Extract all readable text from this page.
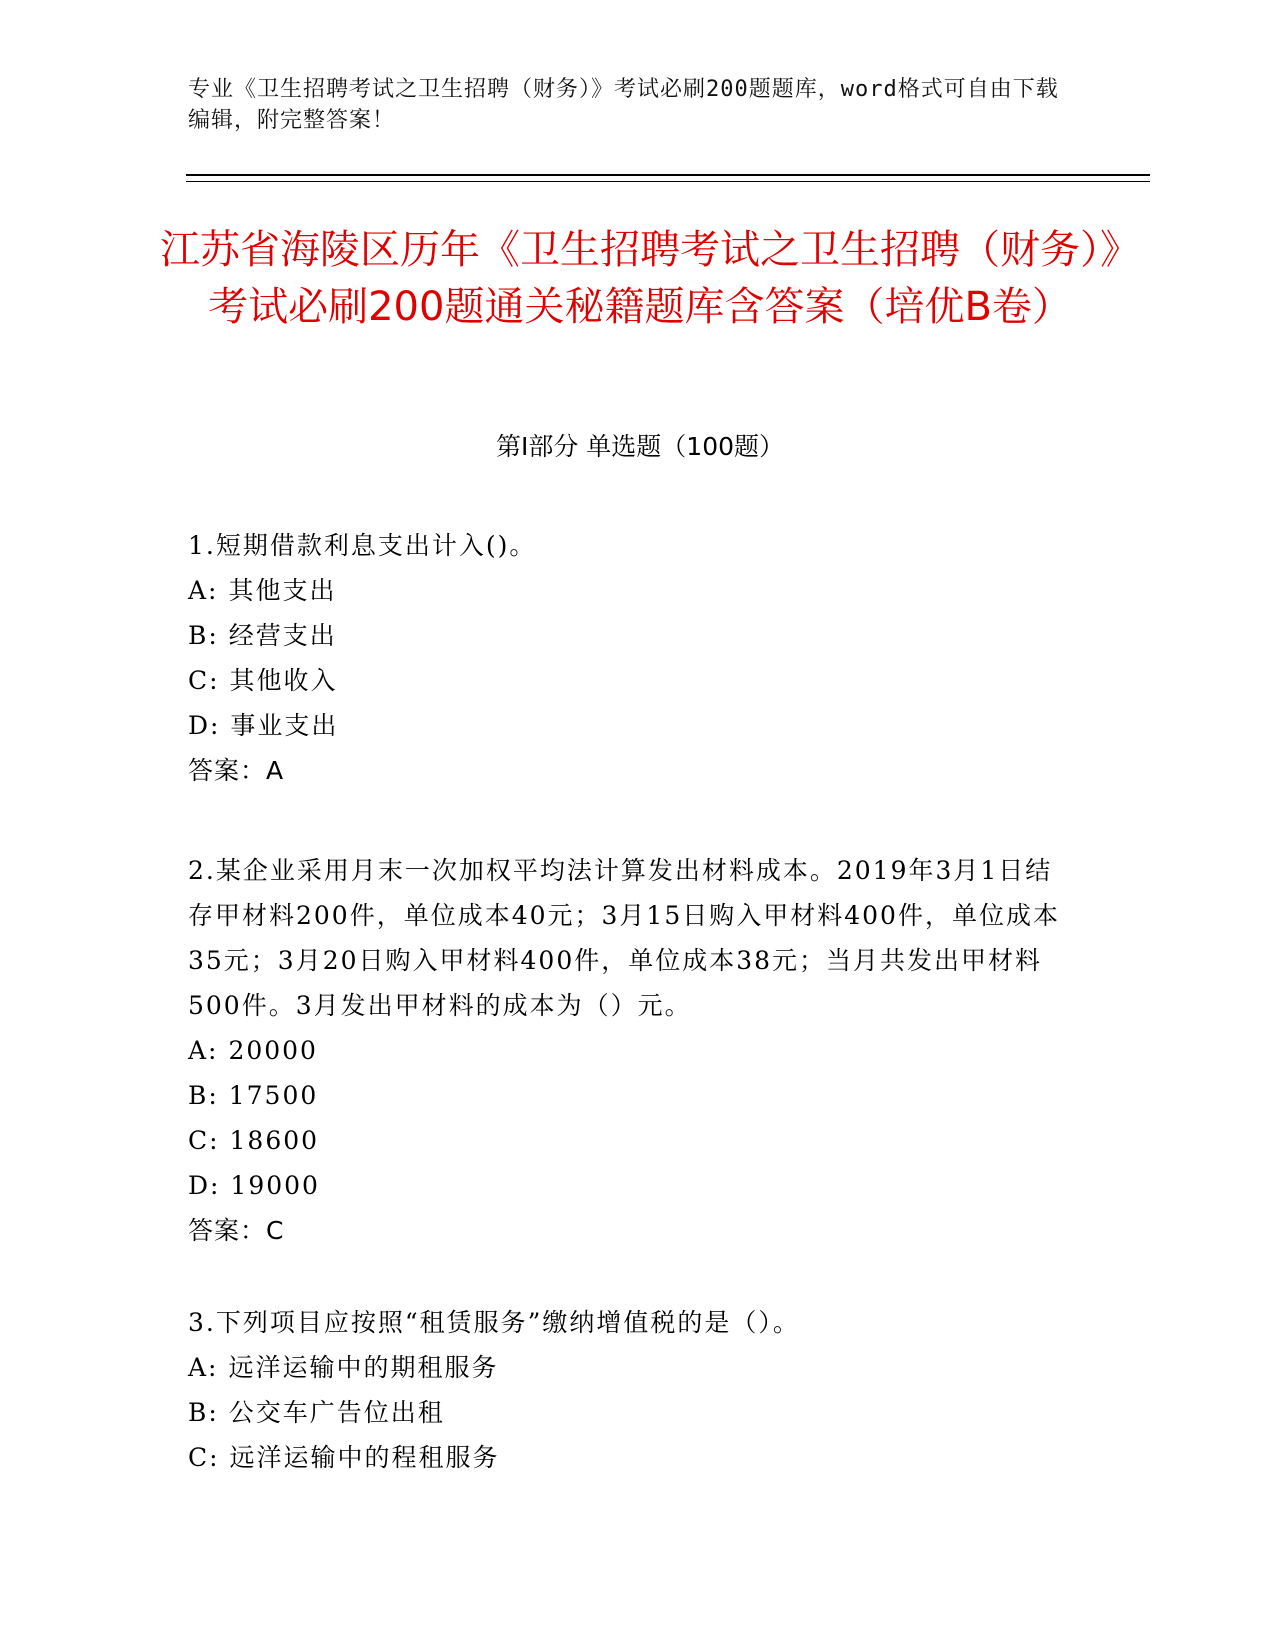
专业《卫生招聘考试之卫生招聘（财务）》考试必刷200题题库，word格式可自由下载编辑，附完整答案！
江苏省海陵区历年《卫生招聘考试之卫生招聘（财务）》考试必刷200题通关秘籍题库含答案（培优B卷）
第Ⅰ部分 单选题（100题）
1.短期借款利息支出计入()。
A: 其他支出
B: 经营支出
C: 其他收入
D: 事业支出
答案：A
2.某企业采用月末一次加权平均法计算发出材料成本。2019年3月1日结存甲材料200件，单位成本40元；3月15日购入甲材料400件，单位成本35元；3月20日购入甲材料400件，单位成本38元；当月共发出甲材料500件。3月发出甲材料的成本为（）元。
A: 20000
B: 17500
C: 18600
D: 19000
答案：C
3.下列项目应按照“租赁服务”缴纳增值税的是（）。
A: 远洋运输中的期租服务
B: 公交车广告位出租
C: 远洋运输中的程租服务
